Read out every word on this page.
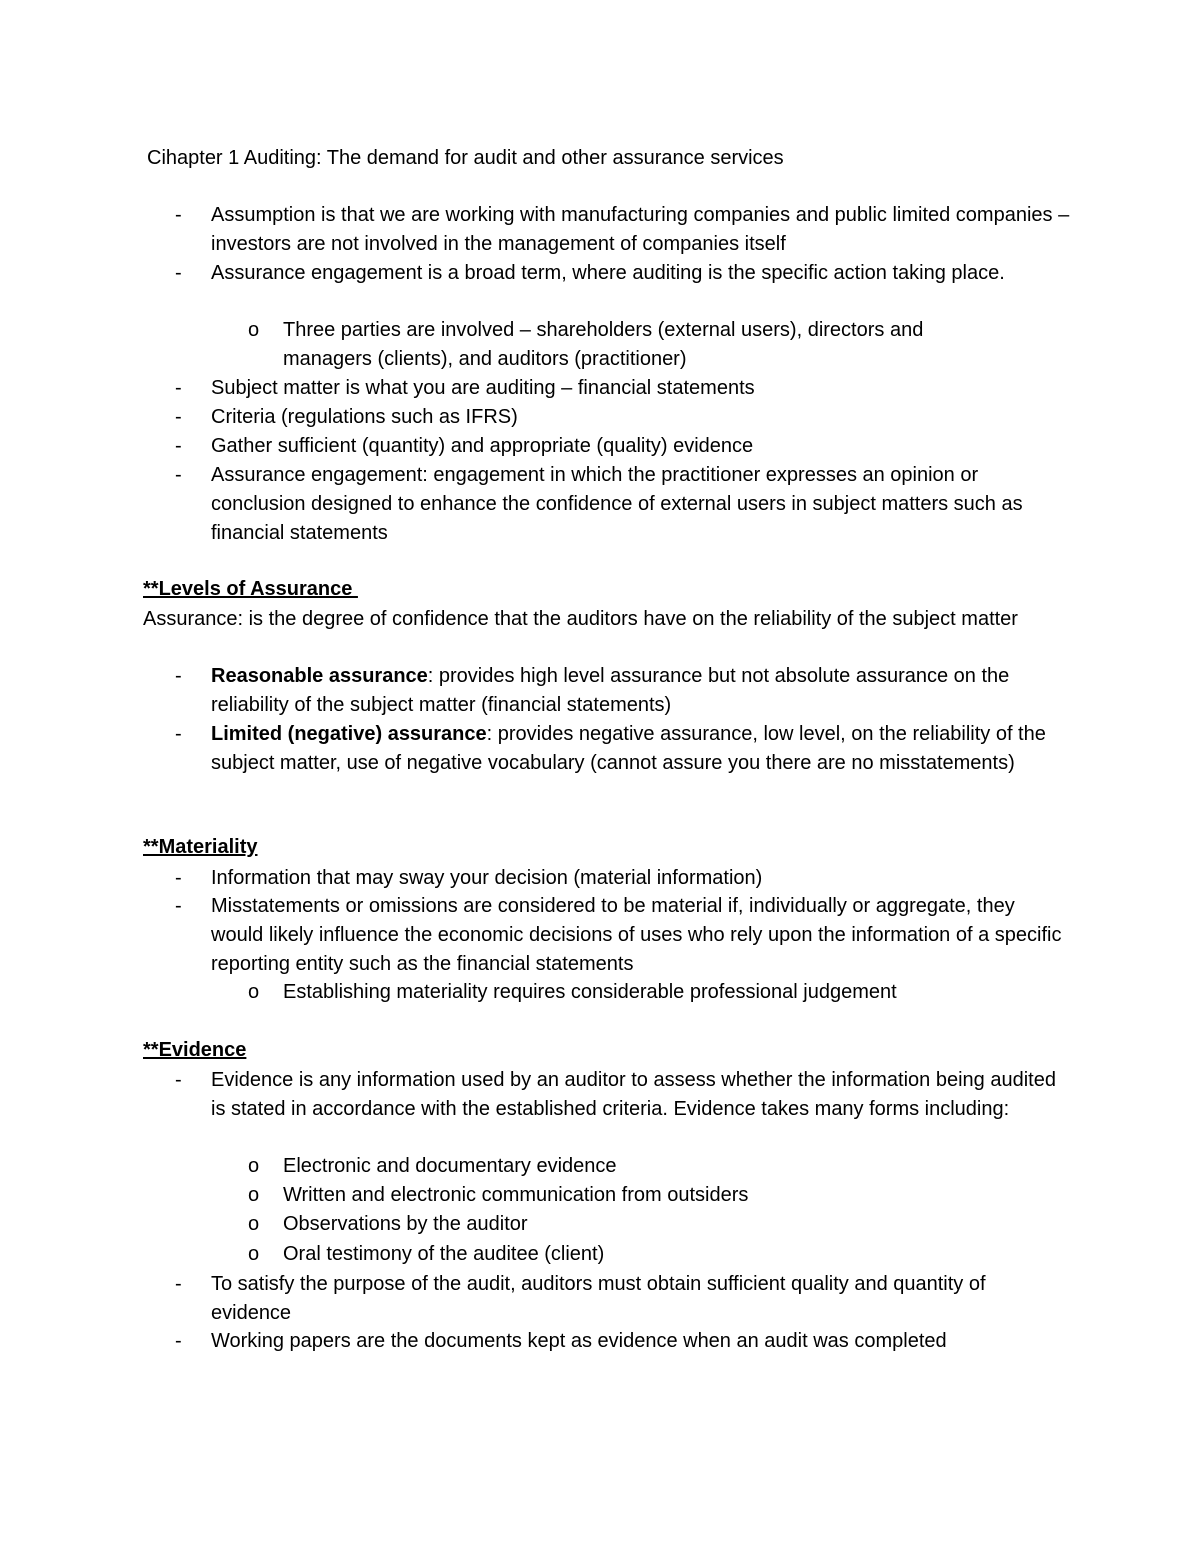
Cihapter 1 Auditing: The demand for audit and other assurance services
- Assumption is that we are working with manufacturing companies and public limited companies – investors are not involved in the management of companies itself
- Assurance engagement is a broad term, where auditing is the specific action taking place.
o Three parties are involved – shareholders (external users), directors and managers (clients), and auditors (practitioner)
- Subject matter is what you are auditing – financial statements
- Criteria (regulations such as IFRS)
- Gather sufficient (quantity) and appropriate (quality) evidence
- Assurance engagement: engagement in which the practitioner expresses an opinion or conclusion designed to enhance the confidence of external users in subject matters such as financial statements
**Levels of Assurance
Assurance: is the degree of confidence that the auditors have on the reliability of the subject matter
- Reasonable assurance: provides high level assurance but not absolute assurance on the reliability of the subject matter (financial statements)
- Limited (negative) assurance: provides negative assurance, low level, on the reliability of the subject matter, use of negative vocabulary (cannot assure you there are no misstatements)
**Materiality
- Information that may sway your decision (material information)
- Misstatements or omissions are considered to be material if, individually or aggregate, they would likely influence the economic decisions of uses who rely upon the information of a specific reporting entity such as the financial statements
o Establishing materiality requires considerable professional judgement
**Evidence
- Evidence is any information used by an auditor to assess whether the information being audited is stated in accordance with the established criteria. Evidence takes many forms including:
o Electronic and documentary evidence
o Written and electronic communication from outsiders
o Observations by the auditor
o Oral testimony of the auditee (client)
- To satisfy the purpose of the audit, auditors must obtain sufficient quality and quantity of evidence
- Working papers are the documents kept as evidence when an audit was completed
